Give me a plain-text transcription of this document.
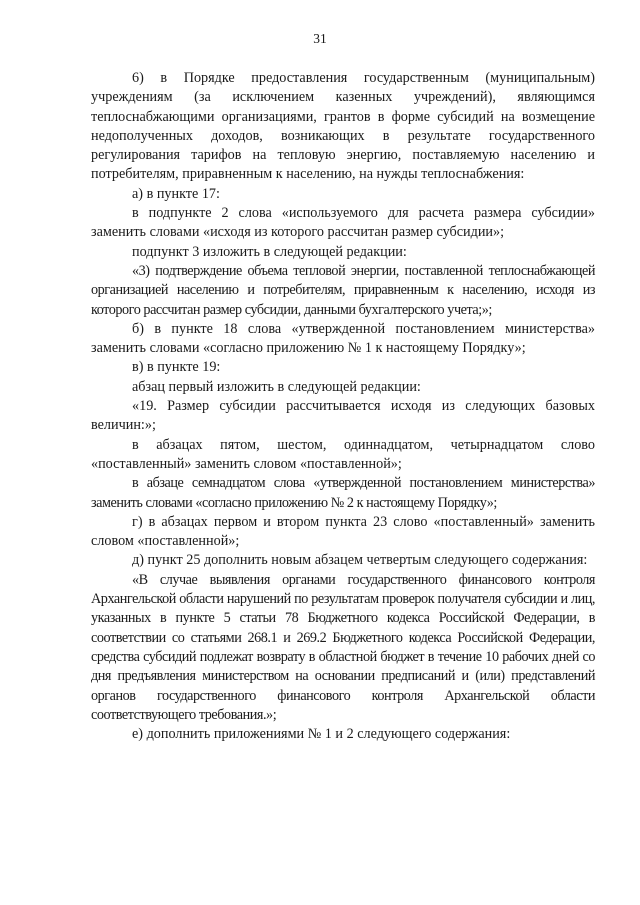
31

6) в Порядке предоставления государственным (муниципальным) учреждениям (за исключением казенных учреждений), являющимся теплоснабжающими организациями, грантов в форме субсидий на возмещение недополученных доходов, возникающих в результате государственного регулирования тарифов на тепловую энергию, поставляемую населению и потребителям, приравненным к населению, на нужды теплоснабжения:

а) в пункте 17:

в подпункте 2 слова «используемого для расчета размера субсидии» заменить словами «исходя из которого рассчитан размер субсидии»;

подпункт 3 изложить в следующей редакции:

«3) подтверждение объема тепловой энергии, поставленной теплоснабжающей организацией населению и потребителям, приравненным к населению, исходя из которого рассчитан размер субсидии, данными бухгалтерского учета;»;

б) в пункте 18 слова «утвержденной постановлением министерства» заменить словами «согласно приложению № 1 к настоящему Порядку»;

в) в пункте 19:

абзац первый изложить в следующей редакции:

«19. Размер субсидии рассчитывается исходя из следующих базовых величин:»;

в абзацах пятом, шестом, одиннадцатом, четырнадцатом слово «поставленный» заменить словом «поставленной»;

в абзаце семнадцатом слова «утвержденной постановлением министерства» заменить словами «согласно приложению № 2 к настоящему Порядку»;

г) в абзацах первом и втором пункта 23 слово «поставленный» заменить словом «поставленной»;

д) пункт 25 дополнить новым абзацем четвертым следующего содержания:

«В случае выявления органами государственного финансового контроля Архангельской области нарушений по результатам проверок получателя субсидии и лиц, указанных в пункте 5 статьи 78 Бюджетного кодекса Российской Федерации, в соответствии со статьями 268.1 и 269.2 Бюджетного кодекса Российской Федерации, средства субсидий подлежат возврату в областной бюджет в течение 10 рабочих дней со дня предъявления министерством на основании предписаний и (или) представлений органов государственного финансового контроля Архангельской области соответствующего требования.»;

е) дополнить приложениями № 1 и 2 следующего содержания:
